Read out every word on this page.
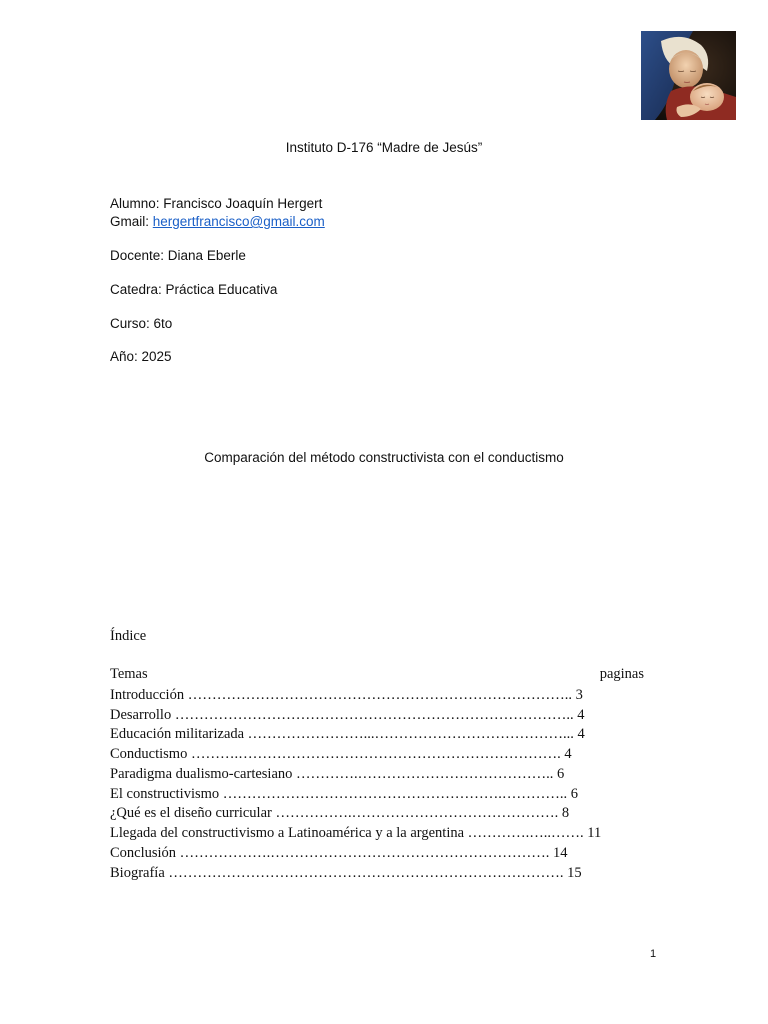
Instituto D-176 “Madre de Jesús”
Alumno: Francisco Joaquín Hergert
Gmail: hergertfrancisco@gmail.com
Docente: Diana Eberle
Catedra: Práctica Educativa
Curso: 6to
Año: 2025
Comparación del método constructivista con el conductismo
Índice
Temas	paginas
Introducción …………………………………………………………………….. 3
Desarrollo ……………………………………………………………………….. 4
Educación militarizada ……………………...…………………………………... 4
Conductismo ……….…………………………………………………………. 4
Paradigma dualismo-cartesiano ………….………………………………….. 6
El constructivismo ………………………………………………….………….. 6
¿Qué es el diseño curricular …………….……………………………………. 8
Llegada del constructivismo a Latinoamérica y a la argentina ………….…..……. 11
Conclusión ……………….…………………………………………………. 14
Biografía ………………………………………………………………………. 15
1
